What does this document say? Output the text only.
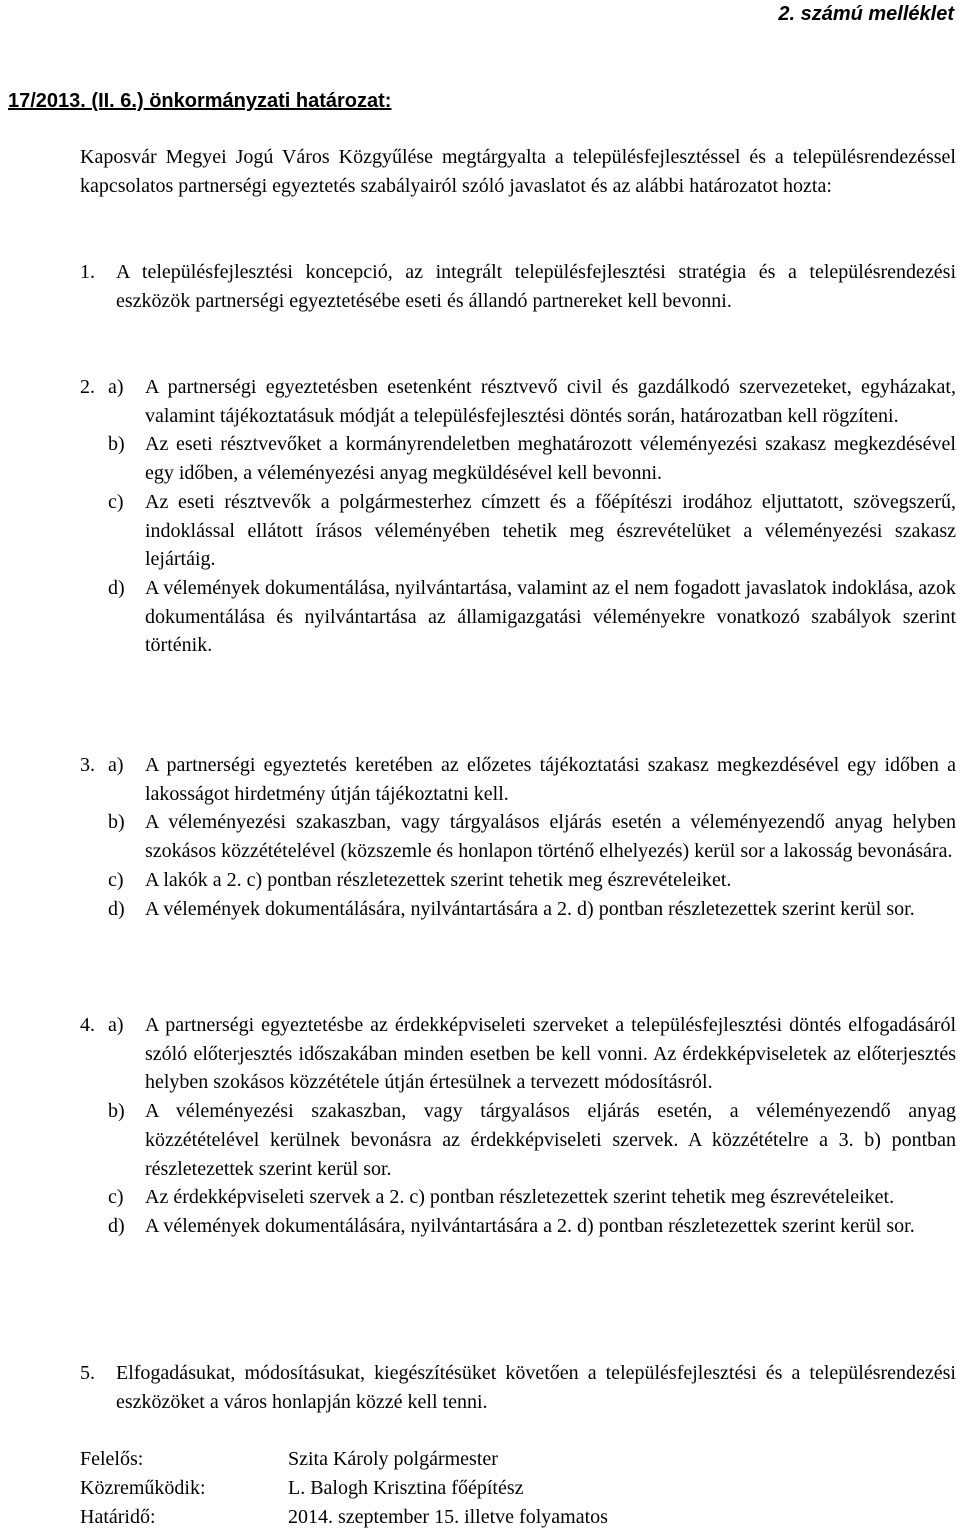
2. számú melléklet
17/2013. (II. 6.) önkormányzati határozat:
Kaposvár Megyei Jogú Város Közgyűlése megtárgyalta a településfejlesztéssel és a településrendezéssel kapcsolatos partnerségi egyeztetés szabályairól szóló javaslatot és az alábbi határozatot hozta:
1.	A településfejlesztési koncepció, az integrált településfejlesztési stratégia és a településrendezési eszközök partnerségi egyeztetésébe eseti és állandó partnereket kell bevonni.
2. a)	A partnerségi egyeztetésben esetenként résztvevő civil és gazdálkodó szervezeteket, egyházakat, valamint tájékoztatásuk módját a településfejlesztési döntés során, határozatban kell rögzíteni.
b)	Az eseti résztvevőket a kormányrendeletben meghatározott véleményezési szakasz megkezdésével egy időben, a véleményezési anyag megküldésével kell bevonni.
c)	Az eseti résztvevők a polgármesterhez címzett és a főépítészi irodához eljuttatott, szövegszerű, indoklással ellátott írásos véleményében tehetik meg észrevételüket a véleményezési szakasz lejártáig.
d)	A vélemények dokumentálása, nyilvántartása, valamint az el nem fogadott javaslatok indoklása, azok dokumentálása és nyilvántartása az államigazgatási véleményekre vonatkozó szabályok szerint történik.
3. a)	A partnerségi egyeztetés keretében az előzetes tájékoztatási szakasz megkezdésével egy időben a lakosságot hirdetmény útján tájékoztatni kell.
b)	A véleményezési szakaszban, vagy tárgyalásos eljárás esetén a véleményezendő anyag helyben szokásos közzétételével (közszemle és honlapon történő elhelyezés) kerül sor a lakosság bevonására.
c)	A lakók a 2. c) pontban részletezettek szerint tehetik meg észrevételeiket.
d)	A vélemények dokumentálására, nyilvántartására a 2. d) pontban részletezettek szerint kerül sor.
4. a)	A partnerségi egyeztetésbe az érdekképviseleti szerveket a településfejlesztési döntés elfogadásáról szóló előterjesztés időszakában minden esetben be kell vonni. Az érdekképviseletek az előterjesztés helyben szokásos közzététele útján értesülnek a tervezett módosításról.
b)	A véleményezési szakaszban, vagy tárgyalásos eljárás esetén, a véleményezendő anyag közzétételével kerülnek bevonásra az érdekképviseleti szervek. A közzétételre a 3. b) pontban részletezettek szerint kerül sor.
c)	Az érdekképviseleti szervek a 2. c) pontban részletezettek szerint tehetik meg észrevételeiket.
d)	A vélemények dokumentálására, nyilvántartására a 2. d) pontban részletezettek szerint kerül sor.
5.	Elfogadásukat, módosításukat, kiegészítésüket követően a településfejlesztési és a településrendezési eszközöket a város honlapján közzé kell tenni.
Felelős:	Szita Károly polgármester
Közreműködik:	L. Balogh Krisztina főépítész
Határidő:	2014. szeptember 15. illetve folyamatos
